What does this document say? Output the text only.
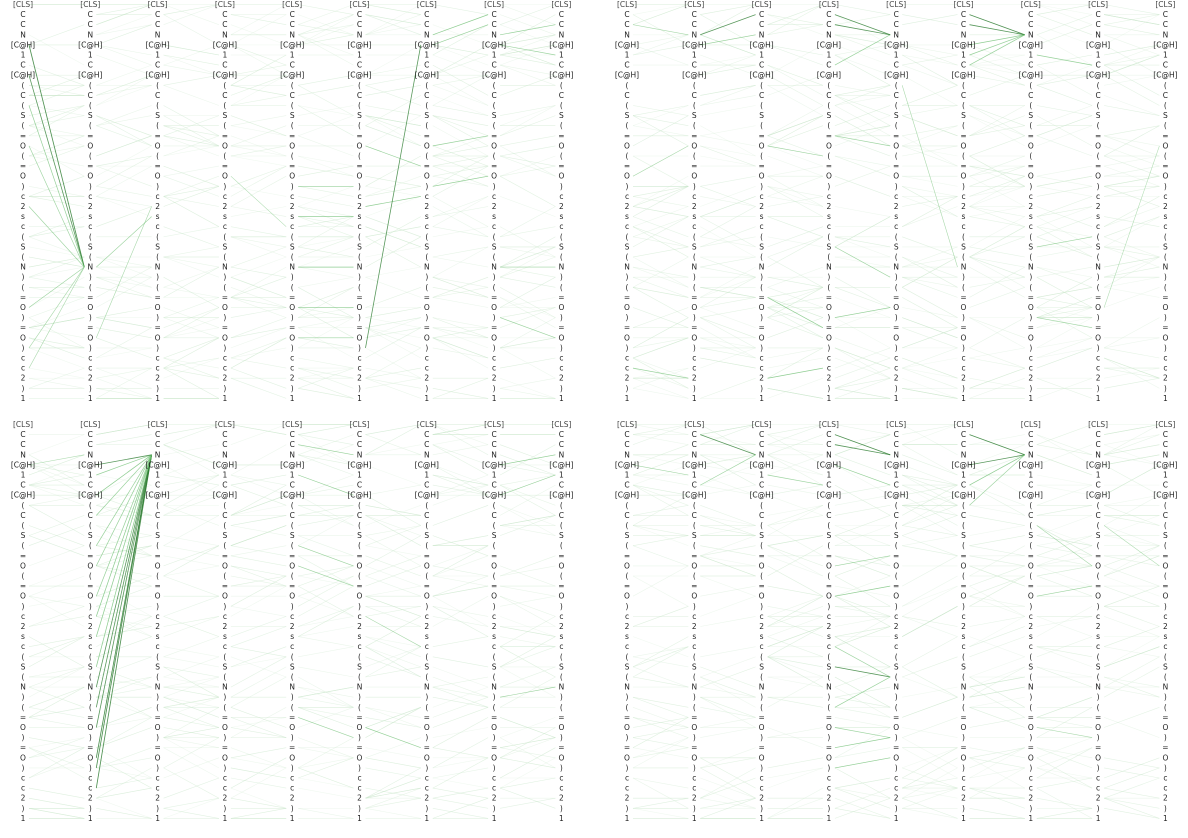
[CLS]
C
C
N
[C@H]
1
C
[C@H]
(
C
(
S
(
=
O
(
=
O
)
c
2
s
c
(
S
(
N
)
(
=
O
)
=
O
)
c
c
2
)
1
[CLS]
C
C
N
[C@H]
1
C
[C@H]
(
C
(
S
(
=
O
(
=
O
)
c
2
s
c
(
S
(
N
)
(
=
O
)
=
O
)
c
c
2
)
1
[CLS]
C
C
N
[C@H]
1
C
[C@H]
(
C
(
S
(
=
O
(
=
O
)
c
2
s
c
(
S
(
N
)
(
=
O
)
=
O
)
c
c
2
)
1
[CLS]
C
C
N
[C@H]
1
C
[C@H]
(
C
(
S
(
=
O
(
=
O
)
c
2
s
c
(
S
(
N
)
(
=
O
)
=
O
)
c
c
2
)
1
[CLS]
C
C
N
[C@H]
1
C
[C@H]
(
C
(
S
(
=
O
(
=
O
)
c
2
s
c
(
S
(
N
)
(
=
O
)
=
O
)
c
c
2
)
1
[CLS]
C
C
N
[C@H]
1
C
[C@H]
(
C
(
S
(
=
O
(
=
O
)
c
2
s
c
(
S
(
N
)
(
=
O
)
=
O
)
c
c
2
)
1
[CLS]
C
C
N
[C@H]
1
C
[C@H]
(
C
(
S
(
=
O
(
=
O
)
c
2
s
c
(
S
(
N
)
(
=
O
)
=
O
)
c
c
2
)
1
[CLS]
C
C
N
[C@H]
1
C
[C@H]
(
C
(
S
(
=
O
(
=
O
)
c
2
s
c
(
S
(
N
)
(
=
O
)
=
O
)
c
c
2
)
1
[CLS]
C
C
N
[C@H]
1
C
[C@H]
(
C
(
S
(
=
O
(
=
O
)
c
2
s
c
(
S
(
N
)
(
=
O
)
=
O
)
c
c
2
)
1
[CLS]
C
C
N
[C@H]
1
C
[C@H]
(
C
(
S
(
=
O
(
=
O
)
c
2
s
c
(
S
(
N
)
(
=
O
)
=
O
)
c
c
2
)
1
[CLS]
C
C
N
[C@H]
1
C
[C@H]
(
C
(
S
(
=
O
(
=
O
)
c
2
s
c
(
S
(
N
)
(
=
O
)
=
O
)
c
c
2
)
1
[CLS]
C
C
N
[C@H]
1
C
[C@H]
(
C
(
S
(
=
O
(
=
O
)
c
2
s
c
(
S
(
N
)
(
=
O
)
=
O
)
c
c
2
)
1
[CLS]
C
C
N
[C@H]
1
C
[C@H]
(
C
(
S
(
=
O
(
=
O
)
c
2
s
c
(
S
(
N
)
(
=
O
)
=
O
)
c
c
2
)
1
[CLS]
C
C
N
[C@H]
1
C
[C@H]
(
C
(
S
(
=
O
(
=
O
)
c
2
s
c
(
S
(
N
)
(
=
O
)
=
O
)
c
c
2
)
1
[CLS]
C
C
N
[C@H]
1
C
[C@H]
(
C
(
S
(
=
O
(
=
O
)
c
2
s
c
(
S
(
N
)
(
=
O
)
=
O
)
c
c
2
)
1
[CLS]
C
C
N
[C@H]
1
C
[C@H]
(
C
(
S
(
=
O
(
=
O
)
c
2
s
c
(
S
(
N
)
(
=
O
)
=
O
)
c
c
2
)
1
[CLS]
C
C
N
[C@H]
1
C
[C@H]
(
C
(
S
(
=
O
(
=
O
)
c
2
s
c
(
S
(
N
)
(
=
O
)
=
O
)
c
c
2
)
1
[CLS]
C
C
N
[C@H]
1
C
[C@H]
(
C
(
S
(
=
O
(
=
O
)
c
2
s
c
(
S
(
N
)
(
=
O
)
=
O
)
c
c
2
)
1
[CLS]
C
C
N
[C@H]
1
C
[C@H]
(
C
(
S
(
=
O
(
=
O
)
c
2
s
c
(
S
(
N
)
(
=
O
)
=
O
)
c
c
2
)
1
[CLS]
C
C
N
[C@H]
1
C
[C@H]
(
C
(
S
(
=
O
(
=
O
)
c
2
s
c
(
S
(
N
)
(
=
O
)
=
O
)
c
c
2
)
1
[CLS]
C
C
N
[C@H]
1
C
[C@H]
(
C
(
S
(
=
O
(
=
O
)
c
2
s
c
(
S
(
N
)
(
=
O
)
=
O
)
c
c
2
)
1
[CLS]
C
C
N
[C@H]
1
C
[C@H]
(
C
(
S
(
=
O
(
=
O
)
c
2
s
c
(
S
(
N
)
(
=
O
)
=
O
)
c
c
2
)
1
[CLS]
C
C
N
[C@H]
1
C
[C@H]
(
C
(
S
(
=
O
(
=
O
)
c
2
s
c
(
S
(
N
)
(
=
O
)
=
O
)
c
c
2
)
1
[CLS]
C
C
N
[C@H]
1
C
[C@H]
(
C
(
S
(
=
O
(
=
O
)
c
2
s
c
(
S
(
N
)
(
=
O
)
=
O
)
c
c
2
)
1
[CLS]
C
C
N
[C@H]
1
C
[C@H]
(
C
(
S
(
=
O
(
=
O
)
c
2
s
c
(
S
(
N
)
(
=
O
)
=
O
)
c
c
2
)
1
[CLS]
C
C
N
[C@H]
1
C
[C@H]
(
C
(
S
(
=
O
(
=
O
)
c
2
s
c
(
S
(
N
)
(
=
O
)
=
O
)
c
c
2
)
1
[CLS]
C
C
N
[C@H]
1
C
[C@H]
(
C
(
S
(
=
O
(
=
O
)
c
2
s
c
(
S
(
N
)
(
=
O
)
=
O
)
c
c
2
)
1
[CLS]
C
C
N
[C@H]
1
C
[C@H]
(
C
(
S
(
=
O
(
=
O
)
c
2
s
c
(
S
(
N
)
(
=
O
)
=
O
)
c
c
2
)
1
[CLS]
C
C
N
[C@H]
1
C
[C@H]
(
C
(
S
(
=
O
(
=
O
)
c
2
s
c
(
S
(
N
)
(
=
O
)
=
O
)
c
c
2
)
1
[CLS]
C
C
N
[C@H]
1
C
[C@H]
(
C
(
S
(
=
O
(
=
O
)
c
2
s
c
(
S
(
N
)
(
=
O
)
=
O
)
c
c
2
)
1
[CLS]
C
C
N
[C@H]
1
C
[C@H]
(
C
(
S
(
=
O
(
=
O
)
c
2
s
c
(
S
(
N
)
(
=
O
)
=
O
)
c
c
2
)
1
[CLS]
C
C
N
[C@H]
1
C
[C@H]
(
C
(
S
(
=
O
(
=
O
)
c
2
s
c
(
S
(
N
)
(
=
O
)
=
O
)
c
c
2
)
1
[CLS]
C
C
N
[C@H]
1
C
[C@H]
(
C
(
S
(
=
O
(
=
O
)
c
2
s
c
(
S
(
N
)
(
=
O
)
=
O
)
c
c
2
)
1
[CLS]
C
C
N
[C@H]
1
C
[C@H]
(
C
(
S
(
=
O
(
=
O
)
c
2
s
c
(
S
(
N
)
(
=
O
)
=
O
)
c
c
2
)
1
[CLS]
C
C
N
[C@H]
1
C
[C@H]
(
C
(
S
(
=
O
(
=
O
)
c
2
s
c
(
S
(
N
)
(
=
O
)
=
O
)
c
c
2
)
1
[CLS]
C
C
N
[C@H]
1
C
[C@H]
(
C
(
S
(
=
O
(
=
O
)
c
2
s
c
(
S
(
N
)
(
=
O
)
=
O
)
c
c
2
)
1
